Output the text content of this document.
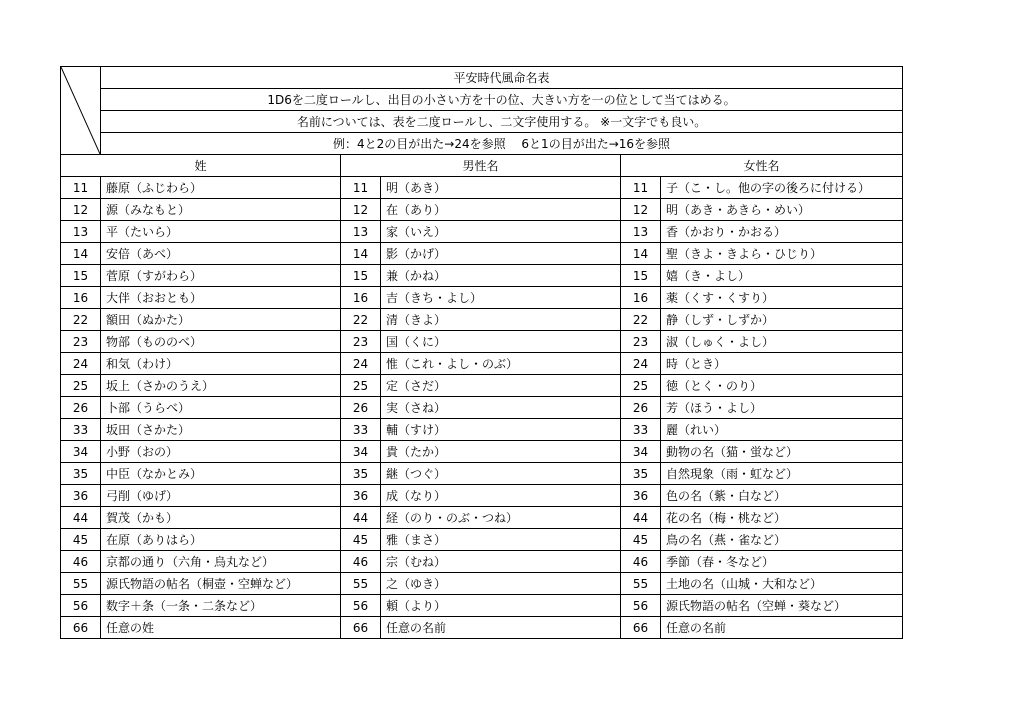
	平安時代風命名表				
	1D6を二度ロールし、出目の小さい方を十の位、大きい方を一の位として当てはめる。				
	名前については、表を二度ロールし、二文字使用する。 ※一文字でも良い。				
	例：4と2の目が出た→24を参照　 6と1の目が出た→16を参照				
姓		男性名		女性名	
11	藤原（ふじわら）	11	明（あき）	11	子（こ・し。他の字の後ろに付ける）
12	源（みなもと）	12	在（あり）	12	明（あき・あきら・めい）
13	平（たいら）	13	家（いえ）	13	香（かおり・かおる）
14	安倍（あべ）	14	影（かげ）	14	聖（きよ・きよら・ひじり）
15	菅原（すがわら）	15	兼（かね）	15	嬉（き・よし）
16	大伴（おおとも）	16	吉（きち・よし）	16	薬（くす・くすり）
22	額田（ぬかた）	22	清（きよ）	22	静（しず・しずか）
23	物部（もののべ）	23	国（くに）	23	淑（しゅく・よし）
24	和気（わけ）	24	惟（これ・よし・のぶ）	24	時（とき）
25	坂上（さかのうえ）	25	定（さだ）	25	徳（とく・のり）
26	卜部（うらべ）	26	実（さね）	26	芳（ほう・よし）
33	坂田（さかた）	33	輔（すけ）	33	麗（れい）
34	小野（おの）	34	貴（たか）	34	動物の名（猫・蛍など）
35	中臣（なかとみ）	35	継（つぐ）	35	自然現象（雨・虹など）
36	弓削（ゆげ）	36	成（なり）	36	色の名（紫・白など）
44	賀茂（かも）	44	経（のり・のぶ・つね）	44	花の名（梅・桃など）
45	在原（ありはら）	45	雅（まさ）	45	鳥の名（燕・雀など）
46	京都の通り（六角・烏丸など）	46	宗（むね）	46	季節（春・冬など）
55	源氏物語の帖名（桐壺・空蝉など）	55	之（ゆき）	55	土地の名（山城・大和など）
56	数字＋条（一条・二条など）	56	頼（より）	56	源氏物語の帖名（空蝉・葵など）
66	任意の姓	66	任意の名前	66	任意の名前
